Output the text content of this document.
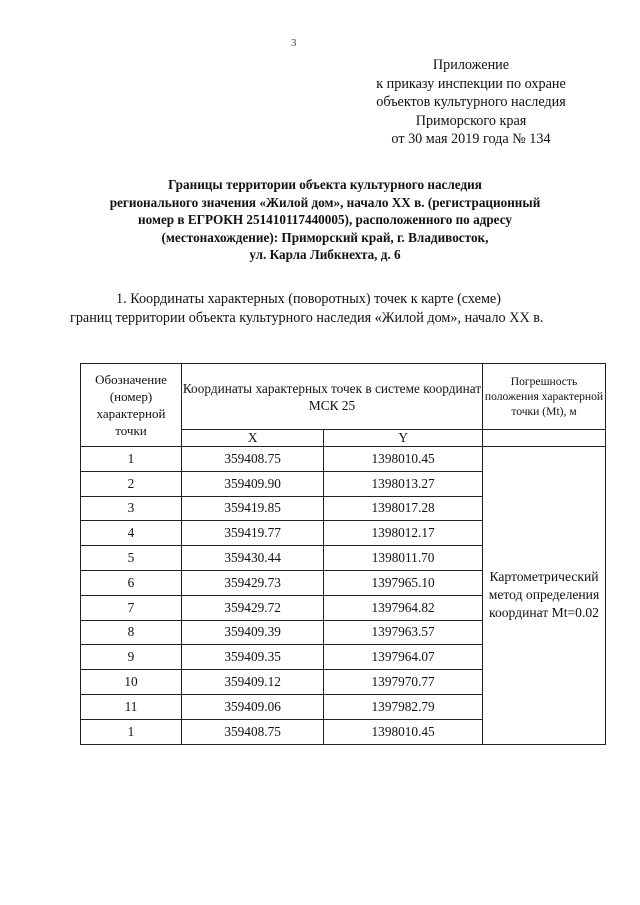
3
Приложение
к приказу инспекции по охране
объектов культурного наследия
Приморского края
от 30 мая 2019 года № 134
Границы территории объекта культурного наследия
регионального значения «Жилой дом», начало XX в. (регистрационный
номер в ЕГРОКН 251410117440005), расположенного по адресу
(местонахождение): Приморский край, г. Владивосток,
ул. Карла Либкнехта, д. 6
1. Координаты характерных (поворотных) точек к карте (схеме)
границ территории объекта культурного наследия «Жилой дом», начало XX в.
Обозначение (номер) характерной точки	Координаты характерных точек в системе координат МСК 25		Погрешность положения характерной точки (Mt), м
	X	Y	
1	359408.75	1398010.45	Картометрический метод определения координат Mt=0.02
2	359409.90	1398013.27	
3	359419.85	1398017.28	
4	359419.77	1398012.17	
5	359430.44	1398011.70	
6	359429.73	1397965.10	
7	359429.72	1397964.82	
8	359409.39	1397963.57	
9	359409.35	1397964.07	
10	359409.12	1397970.77	
11	359409.06	1397982.79	
1	359408.75	1398010.45	
